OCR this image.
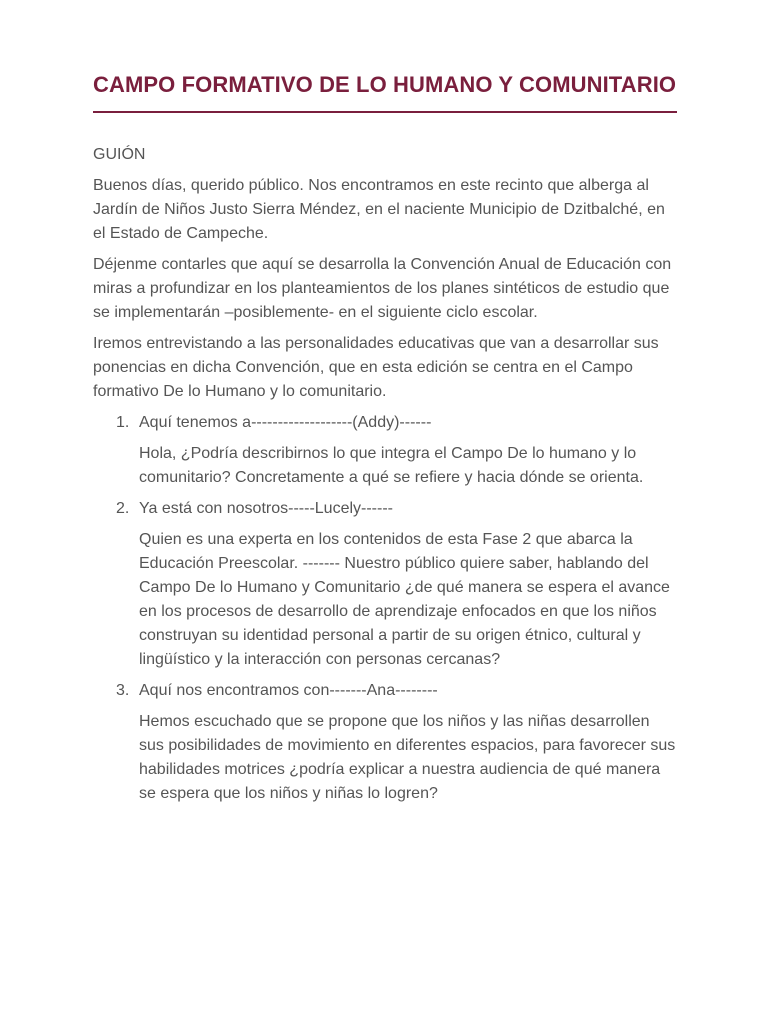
CAMPO FORMATIVO DE LO HUMANO Y COMUNITARIO
GUIÓN

Buenos días, querido público. Nos encontramos en este recinto que alberga al Jardín de Niños Justo Sierra Méndez, en el naciente Municipio de Dzitbalché, en el Estado de Campeche.

Déjenme contarles que aquí se desarrolla la Convención Anual de Educación con miras a profundizar en los planteamientos de los planes sintéticos de estudio que se implementarán –posiblemente- en el siguiente ciclo escolar.

Iremos entrevistando a las personalidades educativas que van a desarrollar sus ponencias en dicha Convención, que en esta edición se centra en el Campo formativo De lo Humano y lo comunitario.

1. Aquí tenemos a-------------------(Addy)------

Hola, ¿Podría describirnos lo que integra el Campo De lo humano y lo comunitario? Concretamente a qué se refiere y hacia dónde se orienta.

2. Ya está con nosotros-----Lucely------

Quien es una experta en los contenidos de esta Fase 2 que abarca la Educación Preescolar. ------- Nuestro público quiere saber, hablando del Campo De lo Humano y Comunitario ¿de qué manera se espera el avance en los procesos de desarrollo de aprendizaje enfocados en que los niños construyan su identidad personal a partir de su origen étnico, cultural y lingüístico y la interacción con personas cercanas?

3. Aquí nos encontramos con-------Ana--------

Hemos escuchado que se propone que los niños y las niñas desarrollen sus posibilidades de movimiento en diferentes espacios, para favorecer sus habilidades motrices ¿podría explicar a nuestra audiencia de qué manera se espera que los niños y niñas lo logren?
